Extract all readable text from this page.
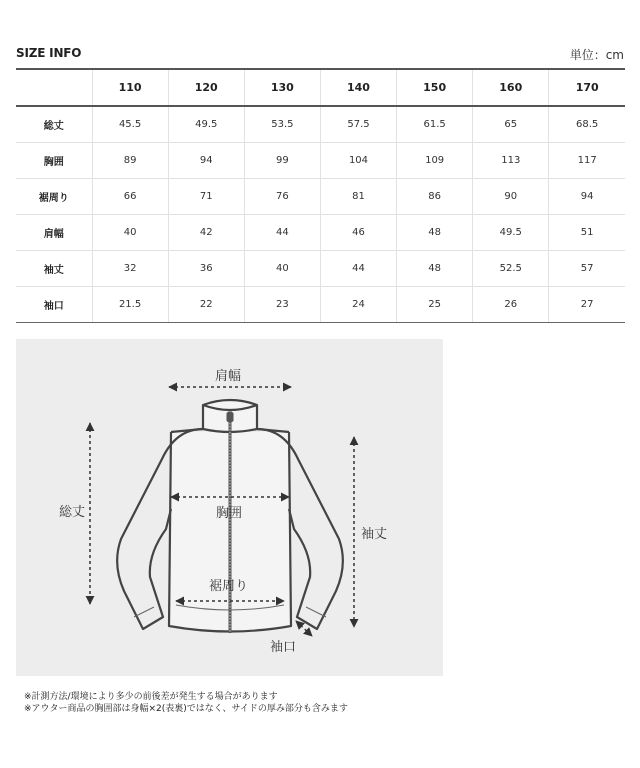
SIZE INFO	単位：cm
	110	120	130	140	150	160	170
総丈	45.5	49.5	53.5	57.5	61.5	65	68.5
胸囲	89	94	99	104	109	113	117
裾周り	66	71	76	81	86	90	94
肩幅	40	42	44	46	48	49.5	51
袖丈	32	36	40	44	48	52.5	57
袖口	21.5	22	23	24	25	26	27
肩幅
総丈	胸囲
袖丈
裾周り
袖口
※計測方法/環境により多少の前後差が発生する場合があります
※アウター商品の胸囲部は身幅×2(表裏)ではなく、サイドの厚み部分も含みます
